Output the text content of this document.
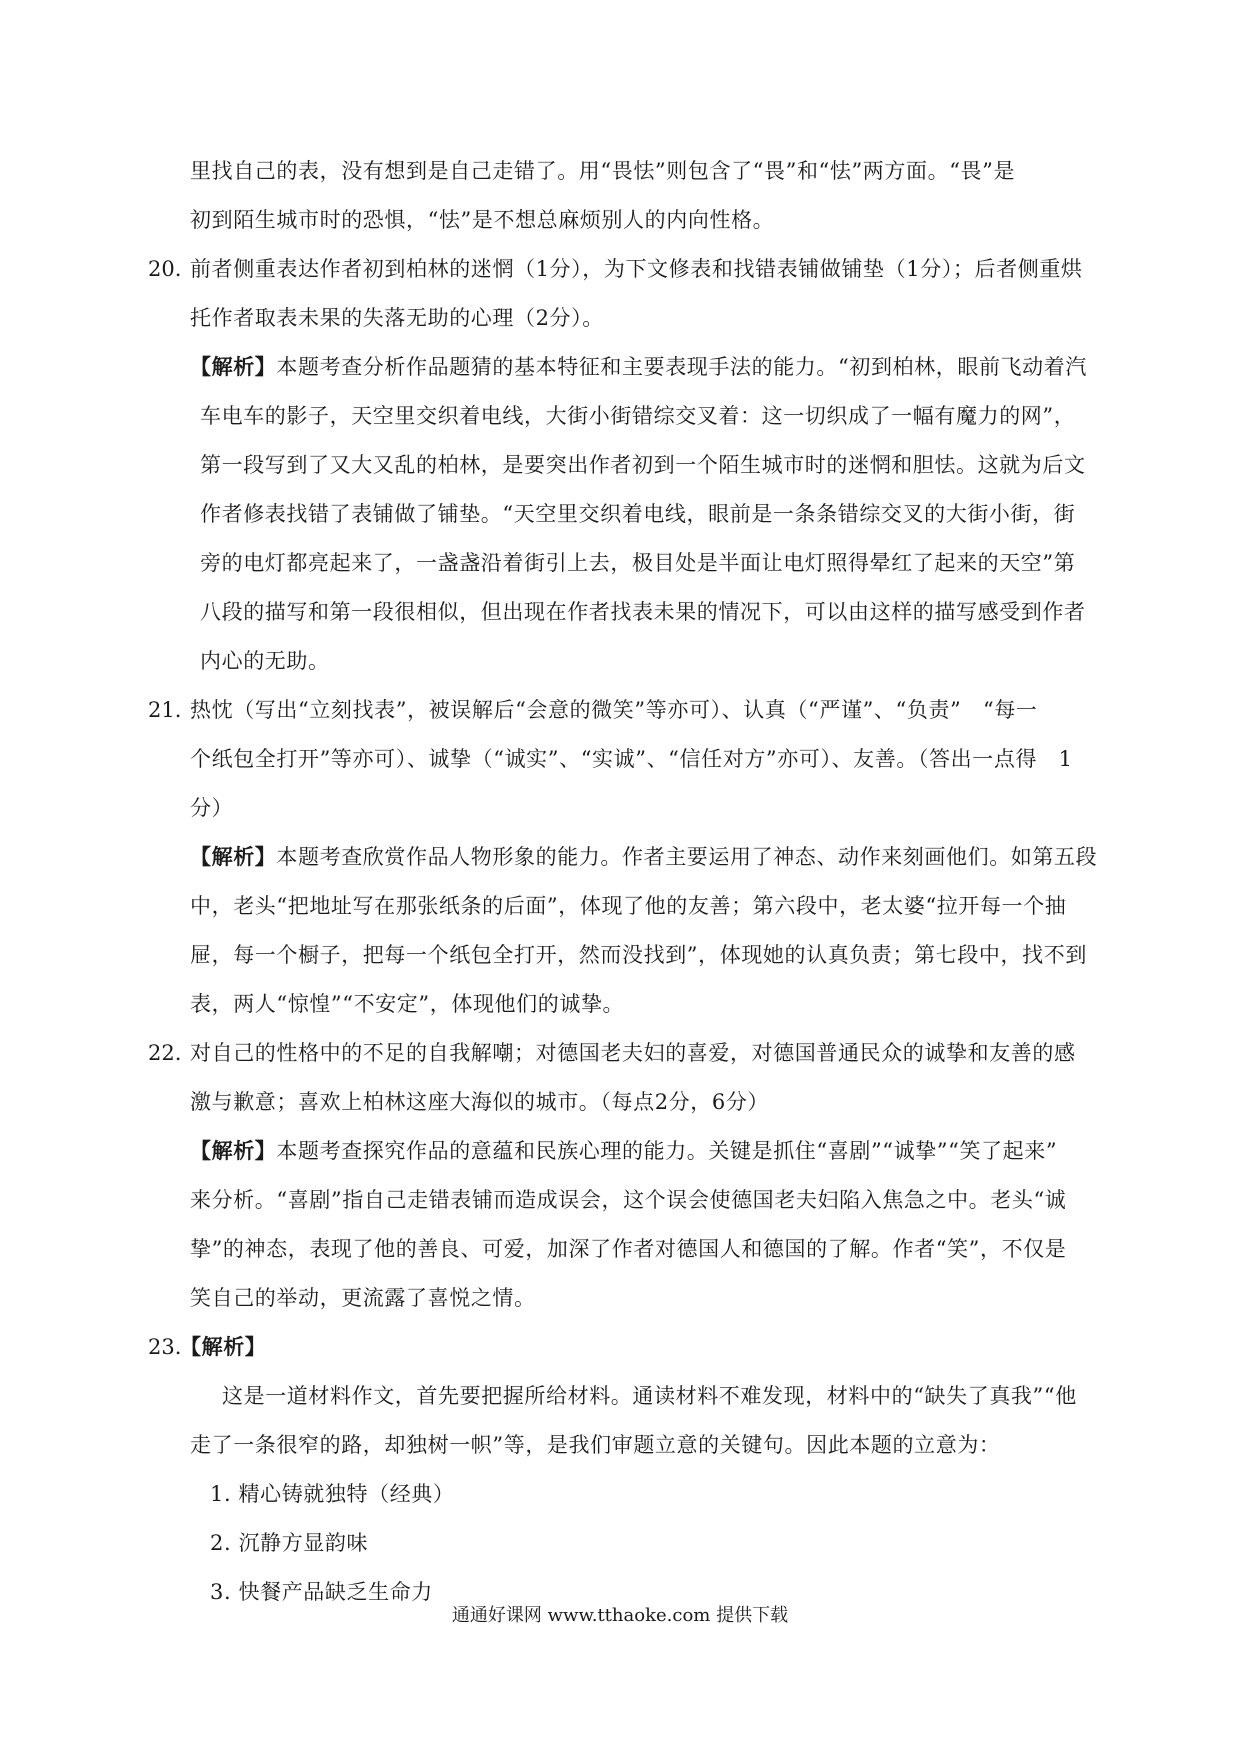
里找自己的表，没有想到是自己走错了。用“畏怯”则包含了“畏”和“怯”两方面。“畏”是
初到陌生城市时的恐惧，“怯”是不想总麻烦别人的内向性格。
20. 前者侧重表达作者初到柏林的迷惘（1分），为下文修表和找错表铺做铺垫（1分）；后者侧重烘
托作者取表未果的失落无助的心理（2分）。
【解析】本题考查分析作品题猜的基本特征和主要表现手法的能力。“初到柏林，眼前飞动着汽
车电车的影子，天空里交织着电线，大街小街错综交叉着：这一切织成了一幅有魔力的网”，
第一段写到了又大又乱的柏林，是要突出作者初到一个陌生城市时的迷惘和胆怯。这就为后文
作者修表找错了表铺做了铺垫。“天空里交织着电线，眼前是一条条错综交叉的大街小街，街
旁的电灯都亮起来了，一盏盏沿着街引上去，极目处是半面让电灯照得晕红了起来的天空”第
八段的描写和第一段很相似，但出现在作者找表未果的情况下，可以由这样的描写感受到作者
内心的无助。
21. 热忱（写出“立刻找表”，被误解后“会意的微笑”等亦可）、认真（“严谨”、“负责”　“每一
个纸包全打开”等亦可）、诚挚（“诚实”、“实诚”、“信任对方”亦可）、友善。（答出一点得　1
分）
【解析】本题考查欣赏作品人物形象的能力。作者主要运用了神态、动作来刻画他们。如第五段
中，老头“把地址写在那张纸条的后面”，体现了他的友善；第六段中，老太婆“拉开每一个抽
屉，每一个橱子，把每一个纸包全打开，然而没找到”，体现她的认真负责；第七段中，找不到
表，两人“惊惶”“不安定”，体现他们的诚挚。
22. 对自己的性格中的不足的自我解嘲；对德国老夫妇的喜爱，对德国普通民众的诚挚和友善的感
激与歉意；喜欢上柏林这座大海似的城市。（每点2分，6分）
【解析】本题考查探究作品的意蕴和民族心理的能力。关键是抓住“喜剧”“诚挚”“笑了起来”
来分析。“喜剧”指自己走错表铺而造成误会，这个误会使德国老夫妇陷入焦急之中。老头“诚
挚”的神态，表现了他的善良、可爱，加深了作者对德国人和德国的了解。作者“笑”，不仅是
笑自己的举动，更流露了喜悦之情。
23.
【解析】
这是一道材料作文，首先要把握所给材料。通读材料不难发现，材料中的“缺失了真我”“他
走了一条很窄的路，却独树一帜”等，是我们审题立意的关键句。因此本题的立意为：
1. 精心铸就独特（经典）
2. 沉静方显韵味
3. 快餐产品缺乏生命力
通通好课网 www.tthaoke.com 提供下载
